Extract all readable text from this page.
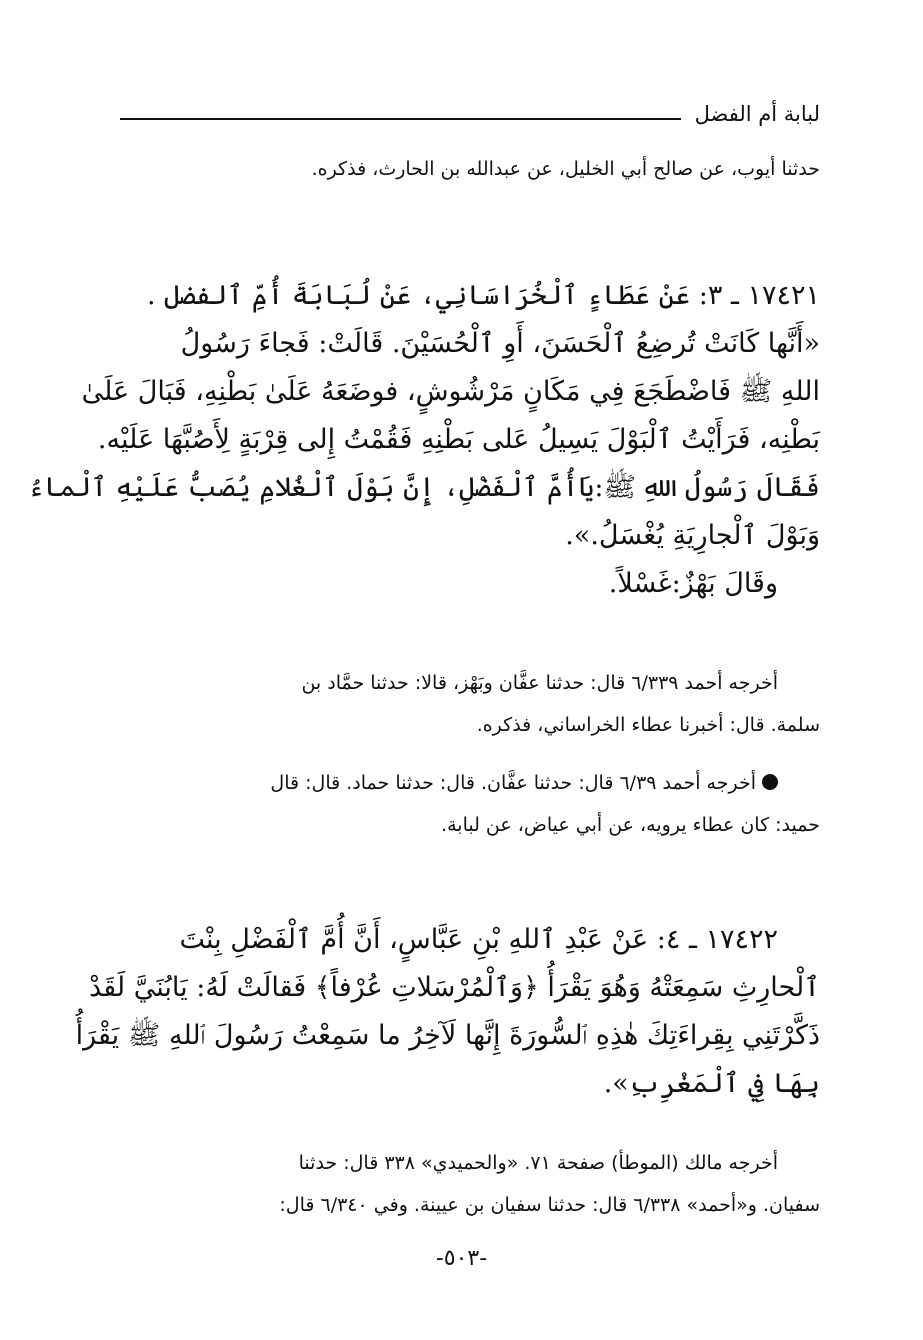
لبابة أم الفضل
حدثنا أيوب، عن صالح أبي الخليل، عن عبدالله بن الحارث، فذكره.
١٧٤٢١ ـ ٣: عَنْ عَطَاءٍ ٱلْخُرَاسَانِي، عَنْ لُبَابَةَ أُمِّ ٱلفضل .
«أَنَّها كَانَتْ تُرضِعُ ٱلْحَسَنَ، أَوِ ٱلْحُسَيْنَ. قَالَتْ: فَجاءَ رَسُولُ
اللهِ ﷺ فَاضْطَجَعَ فِي مَكَانٍ مَرْشُوشٍ، فوضَعَهُ عَلَىٰ بَطْنِهِ، فَبَالَ عَلَىٰ
بَطْنِه، فَرَأَيْتُ ٱلْبَوْلَ يَسِيلُ عَلى بَطْنِهِ فَقُمْتُ إِلى قِرْبَةٍ لِأَصُبَّهَا عَلَيْه.
فَقَالَ رَسُولُ اللهِ ﷺ:يَاأُمَّ ٱلْفَضْلِ، إِنَّ بَوْلَ ٱلْغُلامِ يُصَبُّ عَلَيْهِ ٱلْماءُ
وَبَوْلَ ٱلْجارِيَةِ يُغْسَلُ.».
وقَالَ بَهْزٌ:غَسْلاً.
أخرجه أحمد ٦/٣٣٩ قال: حدثنا عفَّان وبَهْز، قالا: حدثنا حمَّاد بن
سلمة. قال: أخبرنا عطاء الخراساني، فذكره.
أخرجه أحمد ٦/٣٩ قال: حدثنا عفَّان. قال: حدثنا حماد. قال: قال
حميد: كان عطاء يرويه، عن أبي عياض، عن لبابة.
١٧٤٢٢ ـ ٤: عَنْ عَبْدِ ٱللهِ بْنِ عَبَّاسٍ، أَنَّ أُمَّ ٱلْفَضْلِ بِنْتَ
ٱلْحارِثِ سَمِعَتْهُ وَهُوَ يَقْرَأُ ﴿وَٱلْمُرْسَلاتِ عُرْفاً﴾ فَقالَتْ لَهُ: يَابُنَيَّ لَقَدْ
ذَكَّرْتَنِي بِقِراءَتِكَ هٰذِهِ ٱلسُّورَةَ إِنَّها لَآخِرُ ما سَمِعْتُ رَسُولَ ٱللهِ ﷺ يَقْرَأُ
بِهَا فِي ٱلْمَغْرِبِ».
أخرجه مالك (الموطأ) صفحة ٧١. «والحميدي» ٣٣٨ قال: حدثنا
سفيان. و«أحمد» ٦/٣٣٨ قال: حدثنا سفيان بن عيينة. وفي ٦/٣٤٠ قال:
-٥٠٣-
